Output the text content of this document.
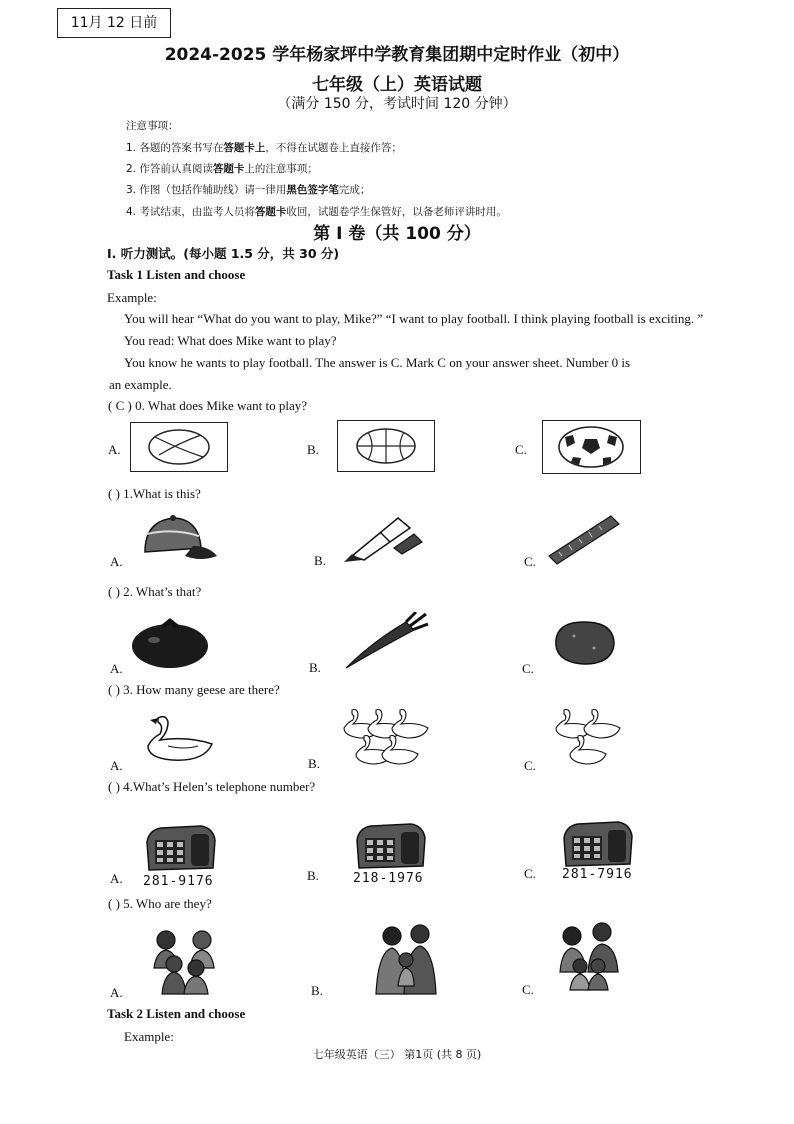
11月 12 日前
2024-2025 学年杨家坪中学教育集团期中定时作业（初中）
七年级（上）英语试题
（满分 150 分，考试时间 120 分钟）
注意事项：
1. 各题的答案书写在答题卡上，不得在试题卷上直接作答；
2. 作答前认真阅读答题卡上的注意事项；
3. 作图（包括作辅助线）请一律用黑色签字笔完成；
4. 考试结束，由监考人员将答题卡收回，试题卷学生保管好，以备老师评讲时用。
第 I 卷（共 100 分）
I. 听力测试。(每小题 1.5 分，共 30 分)
Task 1 Listen and choose
Example:
You will hear “What do you want to play, Mike?” “I want to play football. I think playing football is exciting. ”
You read: What does Mike want to play?
You know he wants to play football. The answer is C. Mark C on your answer sheet. Number 0 is
an example.
( C ) 0. What does Mike want to play?
A.	B.	C.
( ) 1.What is this?
A.	B.	C.
( ) 2. What’s that?
A.	B.	C.
( ) 3. How many geese are there?
A.	B.	C.
( ) 4.What’s Helen’s telephone number?
A. 281-9176	B.	218-1976	C. 281-7916
( ) 5. Who are they?
A.	B.	C.
Task 2 Listen and choose
Example:
七年级英语（三） 第1页 (共 8 页)
